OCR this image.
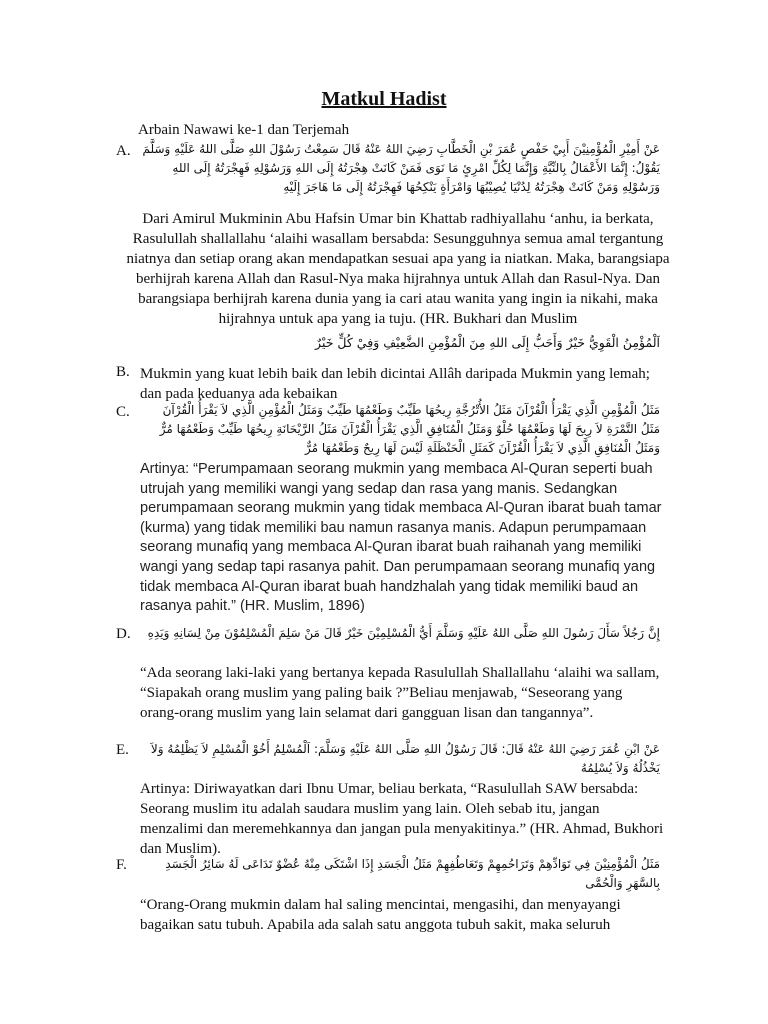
Matkul Hadist
Arbain Nawawi ke-1 dan Terjemah
A. عَنْ أَمِيْرِ الْمُؤْمِنِيْنَ أَبِيْ حَفْصٍ عُمَرَ بْنِ الْخَطَّابِ رَضِيَ اللهُ عَنْهُ قَالَ سَمِعْتُ رَسُوْلَ اللهِ صَلَّى اللهُ عَلَيْهِ وَسَلَّمَ يَقُوْلُ: إِنَّمَا الأَعْمَالُ بِالنِّيَّةِ وَإِنَّمَا لِكُلِّ امْرِئٍ مَا نَوَى فَمَنْ كَانَتْ هِجْرَتُهُ إِلَى اللهِ وَرَسُوْلِهِ فَهِجْرَتُهُ إِلَى اللهِ وَرَسُوْلِهِ وَمَنْ كَانَتْ هِجْرَتُهُ لِدُنْيَا يُصِيْبُهَا وَامْرَأَةٍ يَنْكِحُهَا فَهِجْرَتُهُ إِلَى مَا هَاجَرَ إِلَيْهِ
Dari Amirul Mukminin Abu Hafsin Umar bin Khattab radhiyallahu ‘anhu, ia berkata, Rasulullah shallallahu ‘alaihi wasallam bersabda: Sesungguhnya semua amal tergantung niatnya dan setiap orang akan mendapatkan sesuai apa yang ia niatkan. Maka, barangsiapa berhijrah karena Allah dan Rasul-Nya maka hijrahnya untuk Allah dan Rasul-Nya. Dan barangsiapa berhijrah karena dunia yang ia cari atau wanita yang ingin ia nikahi, maka hijrahnya untuk apa yang ia tuju. (HR. Bukhari dan Muslim
اَلْمُؤْمِنُ الْقَوِيُّ خَيْرٌ وَأَحَبُّ إِلَى اللهِ مِنَ الْمُؤْمِنِ الضَّعِيْفِ وَفِيْ كُلٍّ خَيْرٌ
B. Mukmin yang kuat lebih baik dan lebih dicintai Allâh daripada Mukmin yang lemah; dan pada keduanya ada kebaikan
C.	مَثَلُ الْمُؤْمِنِ الَّذِي يَقْرَأُ الْقُرْآنَ مَثَلُ الأُتْرُجَّةِ رِيحُهَا طَيِّبٌ وَطَعْمُهَا طَيِّبٌ وَمَثَلُ الْمُؤْمِنِ الَّذِي لاَ يَقْرَأُ الْقُرْآنَ مَثَلُ التَّمْرَةِ لاَ رِيحَ لَهَا وَطَعْمُهَا حُلْوٌ وَمَثَلُ الْمُنَافِقِ الَّذِي يَقْرَأُ الْقُرْآنَ مَثَلُ الرَّيْحَانَةِ رِيحُهَا طَيِّبٌ وَطَعْمُهَا مُرٌّ وَمَثَلُ الْمُنَافِقِ الَّذِي لاَ يَقْرَأُ الْقُرْآنَ كَمَثَلِ الْحَنْظَلَةِ لَيْسَ لَهَا رِيحٌ وَطَعْمُهَا مُرٌّ
Artinya: “Perumpamaan seorang mukmin yang membaca Al-Quran seperti buah utrujah yang memiliki wangi yang sedap dan rasa yang manis. Sedangkan perumpamaan seorang mukmin yang tidak membaca Al-Quran ibarat buah tamar (kurma) yang tidak memiliki bau namun rasanya manis. Adapun perumpamaan seorang munafiq yang membaca Al-Quran ibarat buah raihanah yang memiliki wangi yang sedap tapi rasanya pahit. Dan perumpamaan seorang munafiq yang tidak membaca Al-Quran ibarat buah handzhalah yang tidak memiliki baud an rasanya pahit.” (HR. Muslim, 1896)
D.	إِنَّ رَجُلاً سَأَلَ رَسُولَ اللهِ صَلَّى اللهُ عَلَيْهِ وَسَلَّمَ أَيُّ الْمُسْلِمِيْنَ خَيْرٌ قَالَ مَنْ سَلِمَ الْمُسْلِمُوْنَ مِنْ لِسَانِهِ وَيَدِهِ
“Ada seorang laki-laki yang bertanya kepada Rasulullah Shallallahu ‘alaihi wa sallam, “Siapakah orang muslim yang paling baik ?”Beliau menjawab, “Seseorang yang orang-orang muslim yang lain selamat dari gangguan lisan dan tangannya”.
E.	عَنْ ابْنِ عُمَرَ رَضِيَ اللهُ عَنْهُ قَالَ: قَالَ رَسُوْلُ اللهِ صَلَّى اللهُ عَلَيْهِ وَسَلَّمَ: اَلْمُسْلِمُ أَخُوْ الْمُسْلِمِ لاَ يَظْلِمُهُ وَلاَ يَخْذُلُهُ وَلاَ يُسْلِمُهُ
Artinya: Diriwayatkan dari Ibnu Umar, beliau berkata, “Rasulullah SAW bersabda: Seorang muslim itu adalah saudara muslim yang lain. Oleh sebab itu, jangan menzalimi dan meremehkannya dan jangan pula menyakitinya.” (HR. Ahmad, Bukhori dan Muslim).
F.	مَثَلُ الْمُؤْمِنِيْنَ فِي تَوَادِّهِمْ وَتَرَاحُمِهِمْ وَتَعَاطُفِهِمْ مَثَلُ الْجَسَدِ إِذَا اشْتَكَى مِنْهُ عُضْوٌ تَدَاعَى لَهُ سَائِرُ الْجَسَدِ بِالسَّهَرِ وَالْحُمَّى
“Orang-Orang mukmin dalam hal saling mencintai, mengasihi, dan menyayangi bagaikan satu tubuh. Apabila ada salah satu anggota tubuh sakit, maka seluruh
